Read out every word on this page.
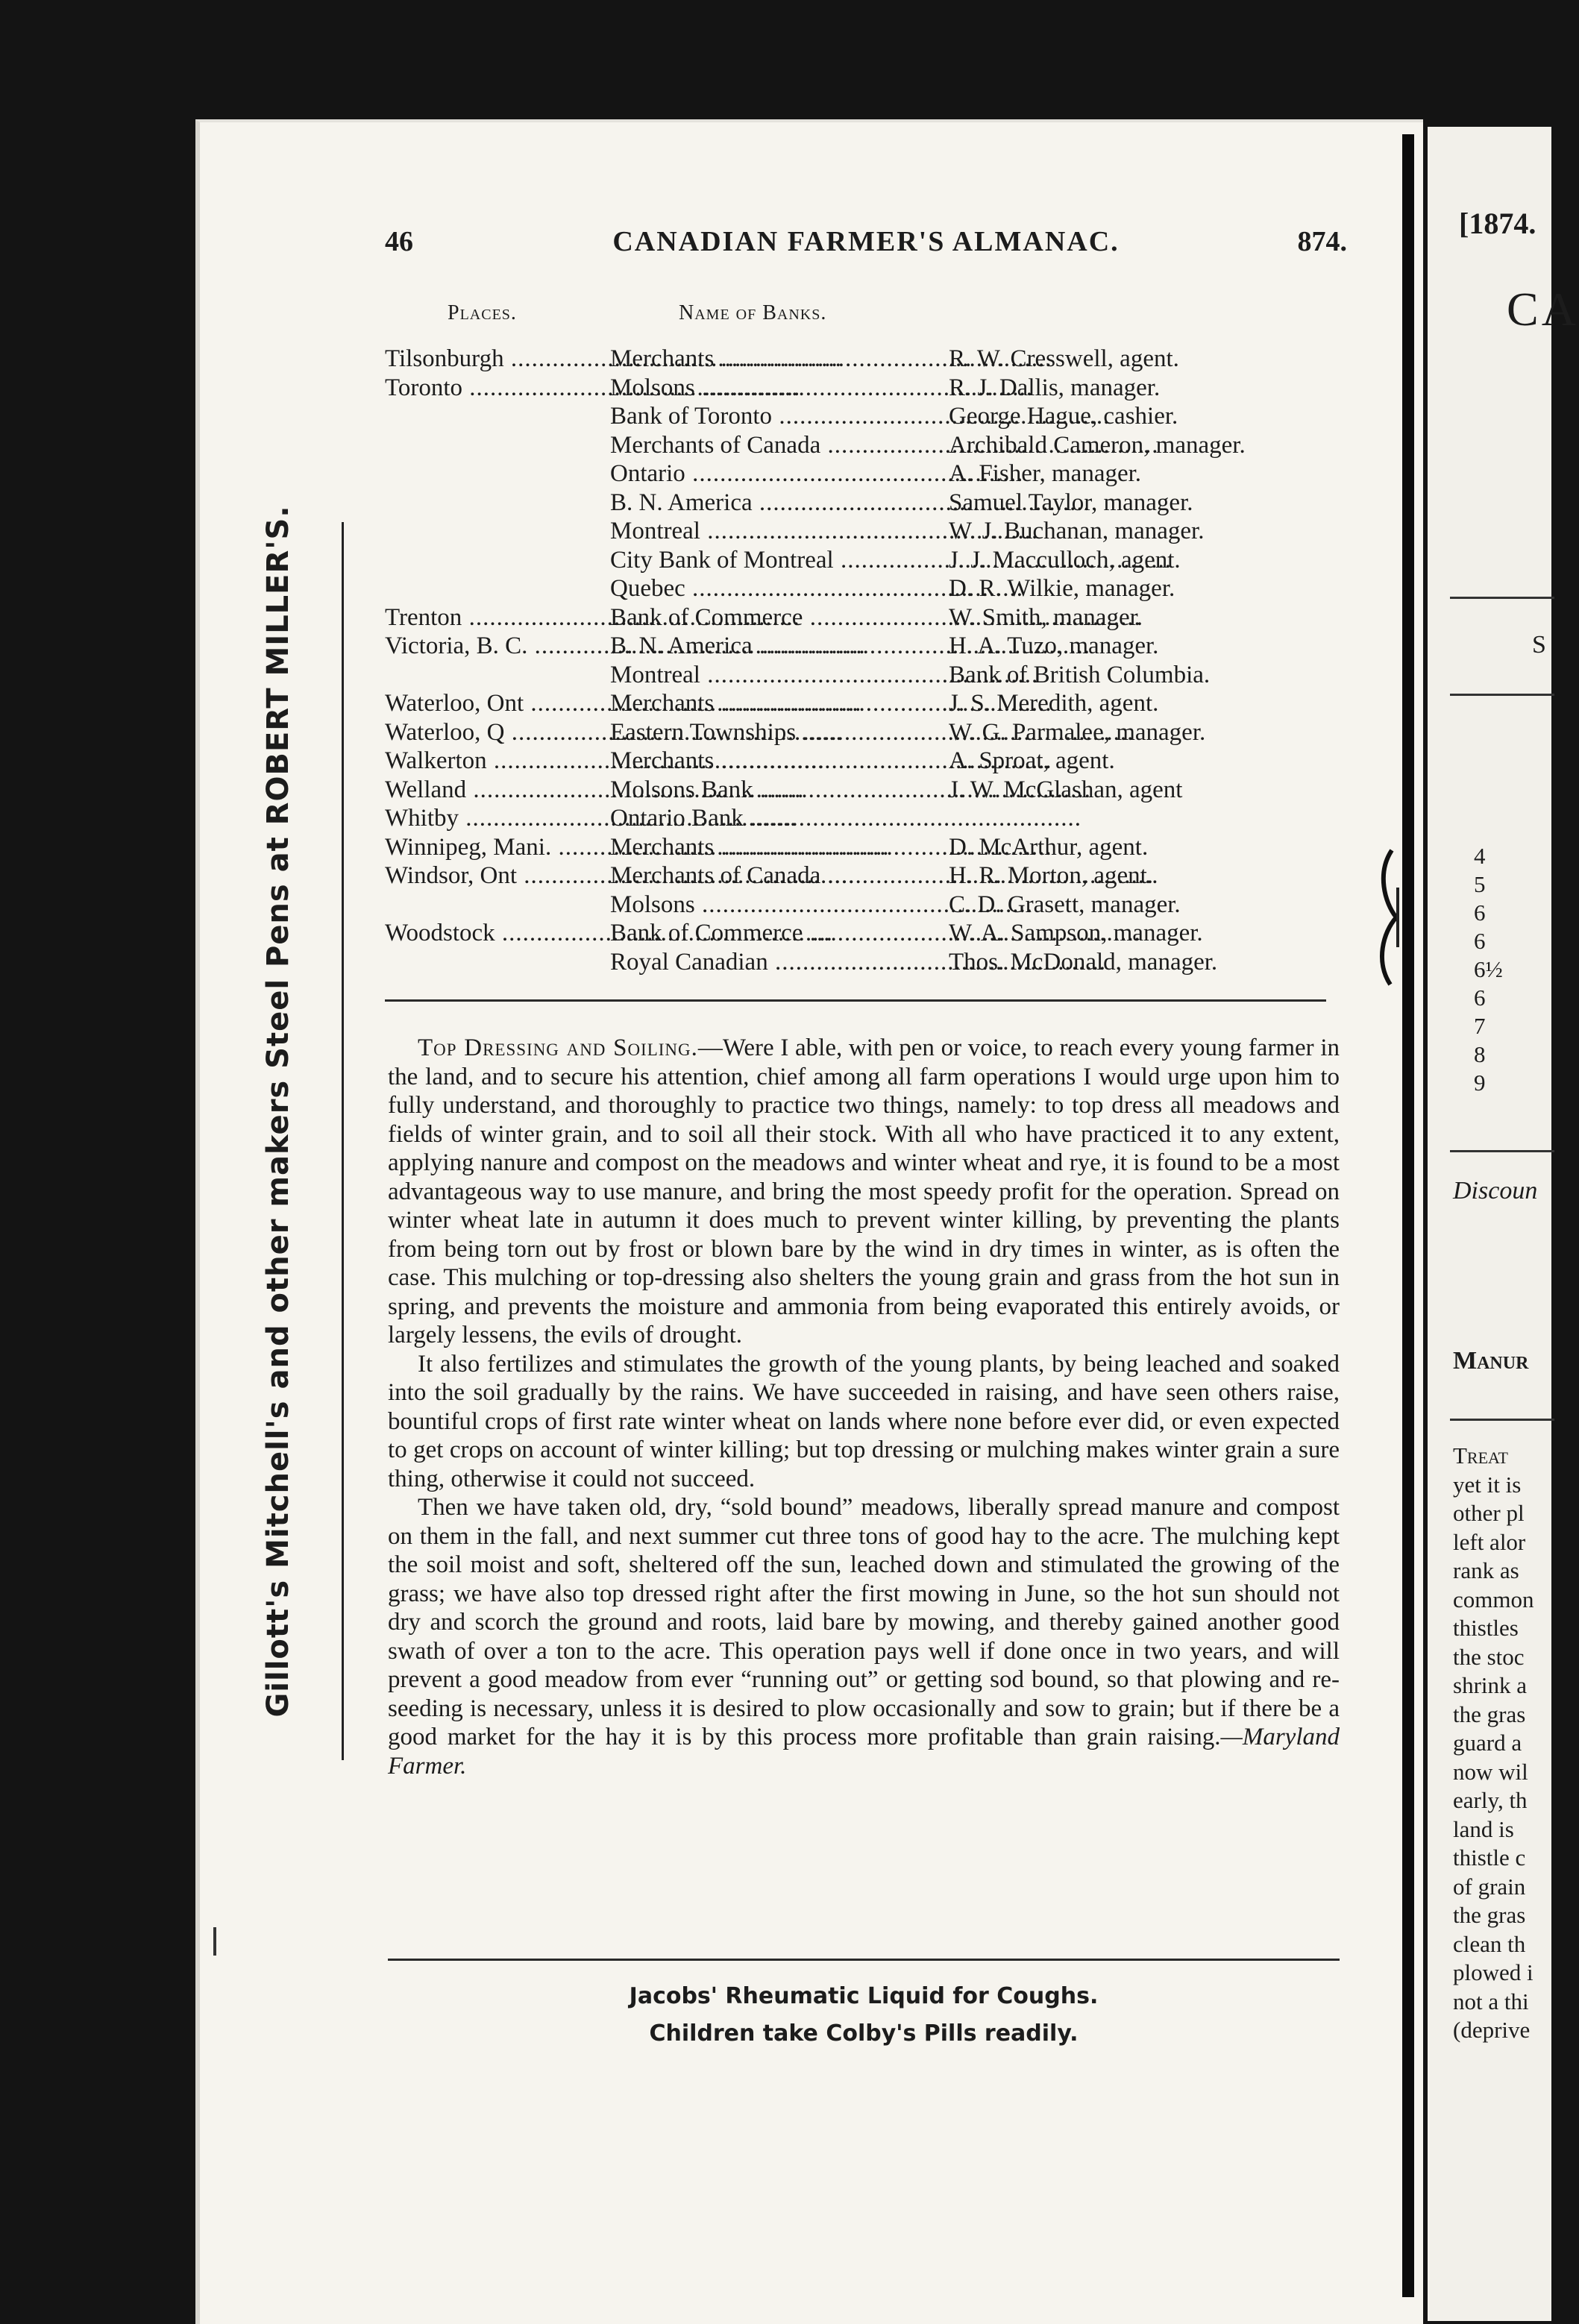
[1874.
CA
S
4
5
6
6
6½
6
7
8
9
Discoun
Manur
Treat
yet it is
other pl
left alor
rank as
common
thistles
the stoc
shrink a
the gras
guard a
now wil
early, th
land is
thistle c
of grain
the gras
clean th
plowed i
not a thi
(deprive
Gillott's Mitchell's and other makers Steel Pens at ROBERT MILLER'S.
46	CANADIAN FARMER'S ALMANAC.	874.
Places.	Name of Banks.
Tilsonburgh .....	Merchants .....	R. W. Cresswell, agent.
Toronto .....	Molsons .....	R. J. Dallis, manager.
Bank of Toronto .....	George Hague, cashier.
Merchants of Canada .....	Archibald Cameron, manager.
Ontario .....	A. Fisher, manager.
B. N. America .....	Samuel Taylor, manager.
Montreal .....	W. J. Buchanan, manager.
City Bank of Montreal .....	J. J. Macculloch, agent.
Quebec .....	D. R. Wilkie, manager.
Trenton .....	Bank of Commerce .....	W. Smith, manager.
Victoria, B. C. .....	B. N. America .....	H. A. Tuzo, manager.
Montreal .....	Bank of British Columbia.
Waterloo, Ont .....	Merchants .....	J. S. Meredith, agent.
Waterloo, Q .....	Eastern Townships .....	W. G. Parmalee, manager.
Walkerton .....	Merchants .....	A. Sproat, agent.
Welland .....	Molsons Bank .....	J. W. McGlashan, agent
Whitby .....	Ontario Bank .....
Winnipeg, Mani. .....	Merchants .....	D. McArthur, agent.
Windsor, Ont .....	Merchants of Canada .....	H. R. Morton, agent.
Molsons .....	C. D. Grasett, manager.
Woodstock .....	Bank of Commerce .....	W. A. Sampson, manager.
Royal Canadian .....	Thos. McDonald, manager.

Top Dressing and Soiling.—Were I able, with pen or voice, to reach every young farmer in the land, and to secure his attention, chief among all farm operations I would urge upon him to fully understand, and thoroughly to practice two things, namely: to top dress all meadows and fields of winter grain, and to soil all their stock. With all who have practiced it to any extent, applying nanure and compost on the meadows and winter wheat and rye, it is found to be a most advantageous way to use manure, and bring the most speedy profit for the operation. Spread on winter wheat late in autumn it does much to prevent winter killing, by preventing the plants from being torn out by frost or blown bare by the wind in dry times in winter, as is often the case. This mulching or top-dressing also shelters the young grain and grass from the hot sun in spring, and prevents the moisture and ammonia from being evaporated this entirely avoids, or largely lessens, the evils of drought.

It also fertilizes and stimulates the growth of the young plants, by being leached and soaked into the soil gradually by the rains. We have succeeded in raising, and have seen others raise, bountiful crops of first rate winter wheat on lands where none before ever did, or even expected to get crops on account of winter killing; but top dressing or mulching makes winter grain a sure thing, otherwise it could not succeed.

Then we have taken old, dry, “sold bound” meadows, liberally spread manure and compost on them in the fall, and next summer cut three tons of good hay to the acre. The mulching kept the soil moist and soft, sheltered off the sun, leached down and stimulated the growing of the grass; we have also top dressed right after the first mowing in June, so the hot sun should not dry and scorch the ground and roots, laid bare by mowing, and thereby gained another good swath of over a ton to the acre. This operation pays well if done once in two years, and will prevent a good meadow from ever “running out” or getting sod bound, so that plowing and re-seeding is necessary, unless it is desired to plow occasionally and sow to grain; but if there be a good market for the hay it is by this process more profitable than grain raising.—Maryland Farmer.

Jacobs' Rheumatic Liquid for Coughs.
Children take Colby's Pills readily.
